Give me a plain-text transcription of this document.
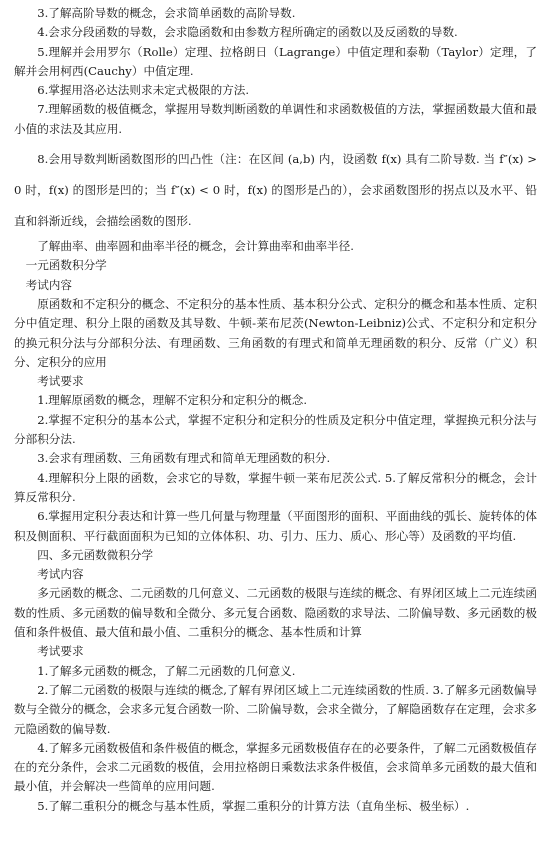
3.了解高阶导数的概念，会求简单函数的高阶导数.

4.会求分段函数的导数，会求隐函数和由参数方程所确定的函数以及反函数的导数.

5.理解并会用罗尔（Rolle）定理、拉格朗日（Lagrange）中值定理和泰勒（Taylor）定理，了解并会用柯西(Cauchy）中值定理.

6.掌握用洛必达法则求未定式极限的方法.

7.理解函数的极值概念，掌握用导数判断函数的单调性和求函数极值的方法，掌握函数最大值和最小值的求法及其应用.

8.会用导数判断函数图形的凹凸性（注：在区间 (a,b) 内，设函数 f(x) 具有二阶导数. 当 f″(x) > 0 时，f(x) 的图形是凹的；当 f″(x) < 0 时，f(x) 的图形是凸的），会求函数图形的拐点以及水平、铅直和斜渐近线，会描绘函数的图形.

了解曲率、曲率圆和曲率半径的概念，会计算曲率和曲率半径.

一元函数积分学

考试内容

原函数和不定积分的概念、不定积分的基本性质、基本积分公式、定积分的概念和基本性质、定积分中值定理、积分上限的函数及其导数、牛顿-莱布尼茨(Newton-Leibniz)公式、不定积分和定积分的换元积分法与分部积分法、有理函数、三角函数的有理式和简单无理函数的积分、反常（广义）积分、定积分的应用

考试要求

1.理解原函数的概念，理解不定积分和定积分的概念.

2.掌握不定积分的基本公式，掌握不定积分和定积分的性质及定积分中值定理，掌握换元积分法与分部积分法.

3.会求有理函数、三角函数有理式和简单无理函数的积分.

4.理解积分上限的函数，会求它的导数，掌握牛顿一莱布尼茨公式. 5.了解反常积分的概念，会计算反常积分.

6.掌握用定积分表达和计算一些几何量与物理量（平面图形的面积、平面曲线的弧长、旋转体的体积及侧面积、平行截面面积为已知的立体体积、功、引力、压力、质心、形心等）及函数的平均值.

四、多元函数微积分学

考试内容

多元函数的概念、二元函数的几何意义、二元函数的极限与连续的概念、有界闭区域上二元连续函数的性质、多元函数的偏导数和全微分、多元复合函数、隐函数的求导法、二阶偏导数、多元函数的极值和条件极值、最大值和最小值、二重积分的概念、基本性质和计算

考试要求

1.了解多元函数的概念，了解二元函数的几何意义.

2.了解二元函数的极限与连续的概念,了解有界闭区域上二元连续函数的性质. 3.了解多元函数偏导数与全微分的概念，会求多元复合函数一阶、二阶偏导数，会求全微分，了解隐函数存在定理，会求多元隐函数的偏导数.

4.了解多元函数极值和条件极值的概念，掌握多元函数极值存在的必要条件，了解二元函数极值存在的充分条件，会求二元函数的极值，会用拉格朗日乘数法求条件极值，会求简单多元函数的最大值和最小值，并会解决一些简单的应用问题.

5.了解二重积分的概念与基本性质，掌握二重积分的计算方法（直角坐标、极坐标）.
